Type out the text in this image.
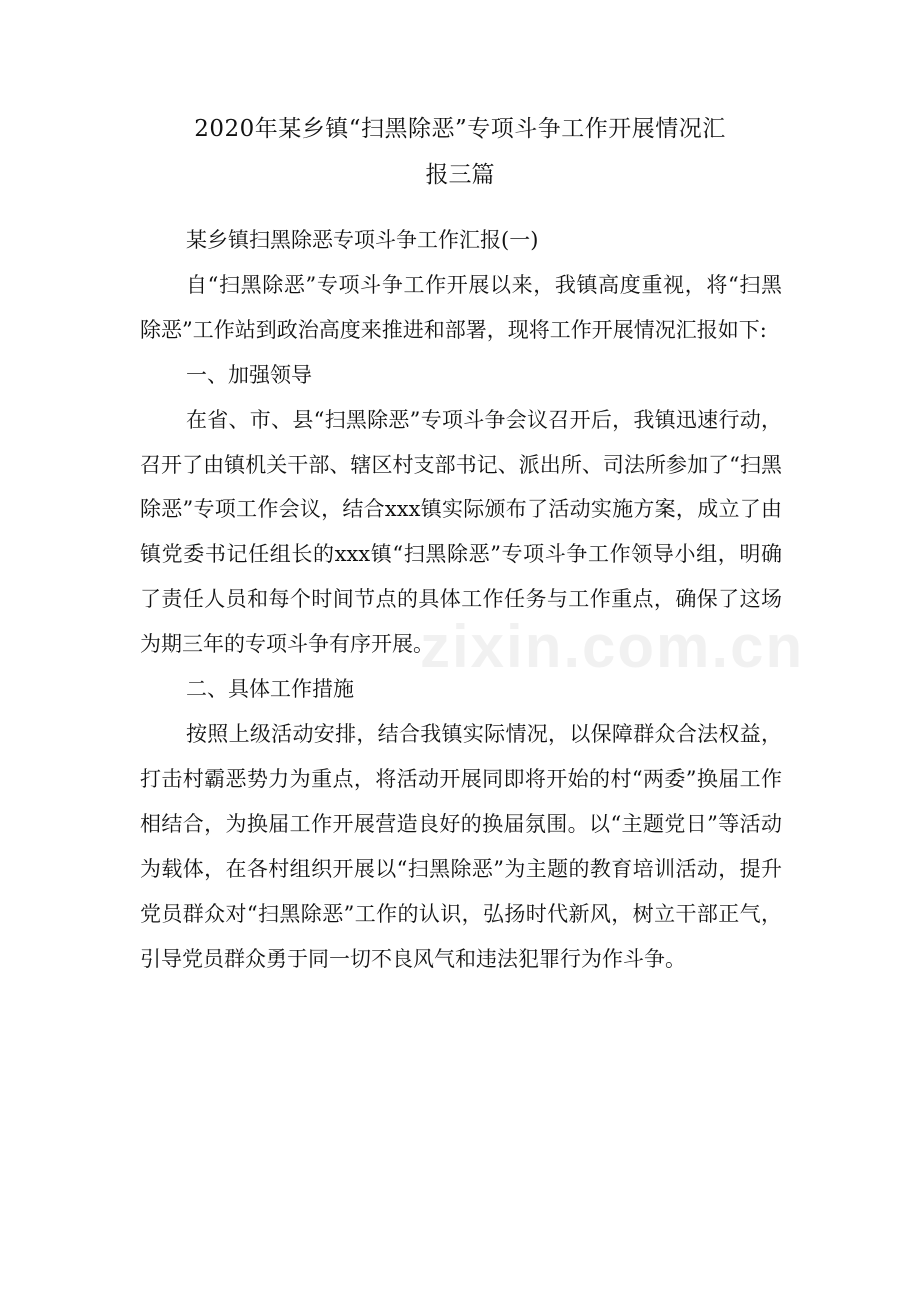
2020年某乡镇“扫黑除恶”专项斗争工作开展情况汇
报三篇

某乡镇扫黑除恶专项斗争工作汇报(一)

自“扫黑除恶”专项斗争工作开展以来，我镇高度重视，将“扫黑除恶”工作站到政治高度来推进和部署，现将工作开展情况汇报如下:

一、加强领导

在省、市、县“扫黑除恶”专项斗争会议召开后，我镇迅速行动，召开了由镇机关干部、辖区村支部书记、派出所、司法所参加了“扫黑除恶”专项工作会议，结合xxx镇实际颁布了活动实施方案，成立了由镇党委书记任组长的xxx镇“扫黑除恶”专项斗争工作领导小组，明确了责任人员和每个时间节点的具体工作任务与工作重点，确保了这场为期三年的专项斗争有序开展。

二、具体工作措施

按照上级活动安排，结合我镇实际情况，以保障群众合法权益，打击村霸恶势力为重点，将活动开展同即将开始的村“两委”换届工作相结合，为换届工作开展营造良好的换届氛围。以“主题党日”等活动为载体，在各村组织开展以“扫黑除恶”为主题的教育培训活动，提升党员群众对“扫黑除恶”工作的认识，弘扬时代新风，树立干部正气，引导党员群众勇于同一切不良风气和违法犯罪行为作斗争。

zixin.com.cn
